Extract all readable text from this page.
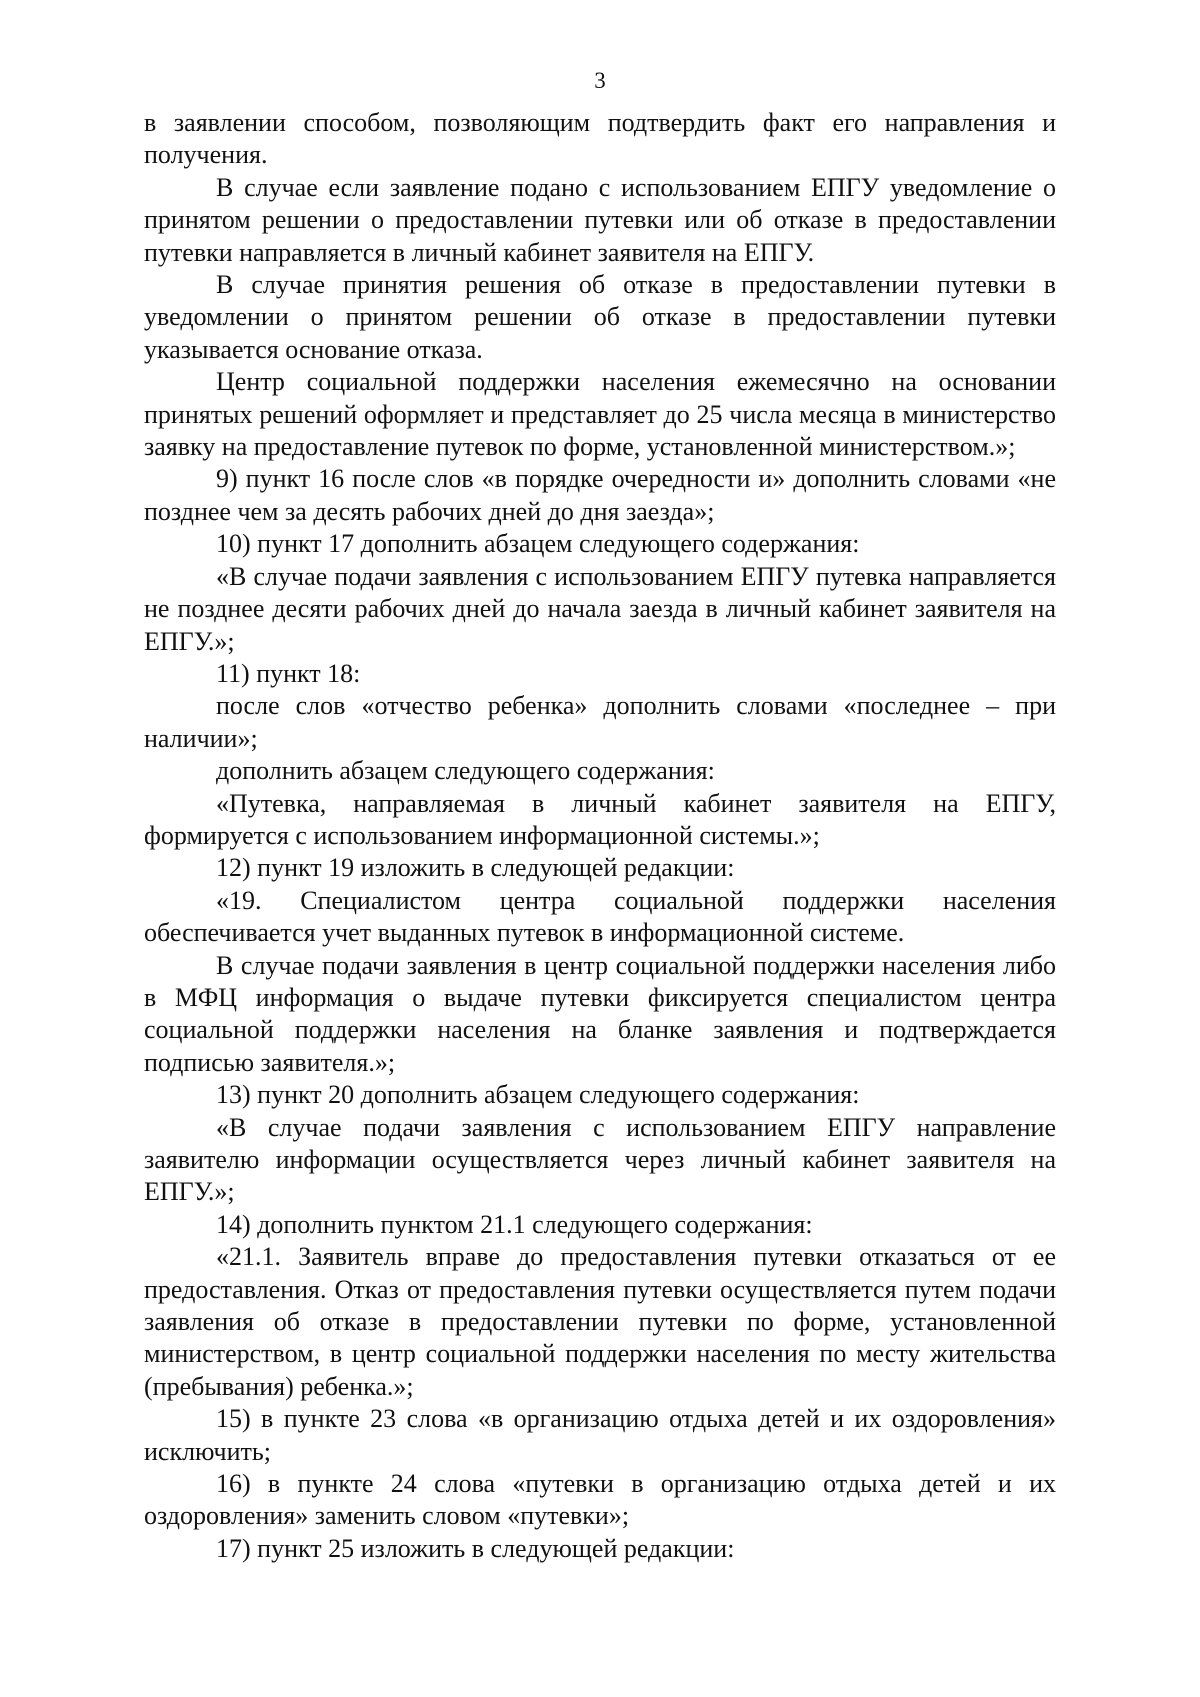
3

в заявлении способом, позволяющим подтвердить факт его направления и получения.

В случае если заявление подано с использованием ЕПГУ уведомление о принятом решении о предоставлении путевки или об отказе в предоставлении путевки направляется в личный кабинет заявителя на ЕПГУ.

В случае принятия решения об отказе в предоставлении путевки в уведомлении о принятом решении об отказе в предоставлении путевки указывается основание отказа.

Центр социальной поддержки населения ежемесячно на основании принятых решений оформляет и представляет до 25 числа месяца в министерство заявку на предоставление путевок по форме, установленной министерством.»;

9) пункт 16 после слов «в порядке очередности и» дополнить словами «не позднее чем за десять рабочих дней до дня заезда»;

10) пункт 17 дополнить абзацем следующего содержания:

«В случае подачи заявления с использованием ЕПГУ путевка направляется не позднее десяти рабочих дней до начала заезда в личный кабинет заявителя на ЕПГУ.»;

11) пункт 18:

после слов «отчество ребенка» дополнить словами «последнее – при наличии»;

дополнить абзацем следующего содержания:

«Путевка, направляемая в личный кабинет заявителя на ЕПГУ, формируется с использованием информационной системы.»;

12) пункт 19 изложить в следующей редакции:

«19. Специалистом центра социальной поддержки населения обеспечивается учет выданных путевок в информационной системе.

В случае подачи заявления в центр социальной поддержки населения либо в МФЦ информация о выдаче путевки фиксируется специалистом центра социальной поддержки населения на бланке заявления и подтверждается подписью заявителя.»;

13) пункт 20 дополнить абзацем следующего содержания:

«В случае подачи заявления с использованием ЕПГУ направление заявителю информации осуществляется через личный кабинет заявителя на ЕПГУ.»;

14) дополнить пунктом 21.1 следующего содержания:

«21.1. Заявитель вправе до предоставления путевки отказаться от ее предоставления. Отказ от предоставления путевки осуществляется путем подачи заявления об отказе в предоставлении путевки по форме, установленной министерством, в центр социальной поддержки населения по месту жительства (пребывания) ребенка.»;

15) в пункте 23 слова «в организацию отдыха детей и их оздоровления» исключить;

16) в пункте 24 слова «путевки в организацию отдыха детей и их оздоровления» заменить словом «путевки»;

17) пункт 25 изложить в следующей редакции:
